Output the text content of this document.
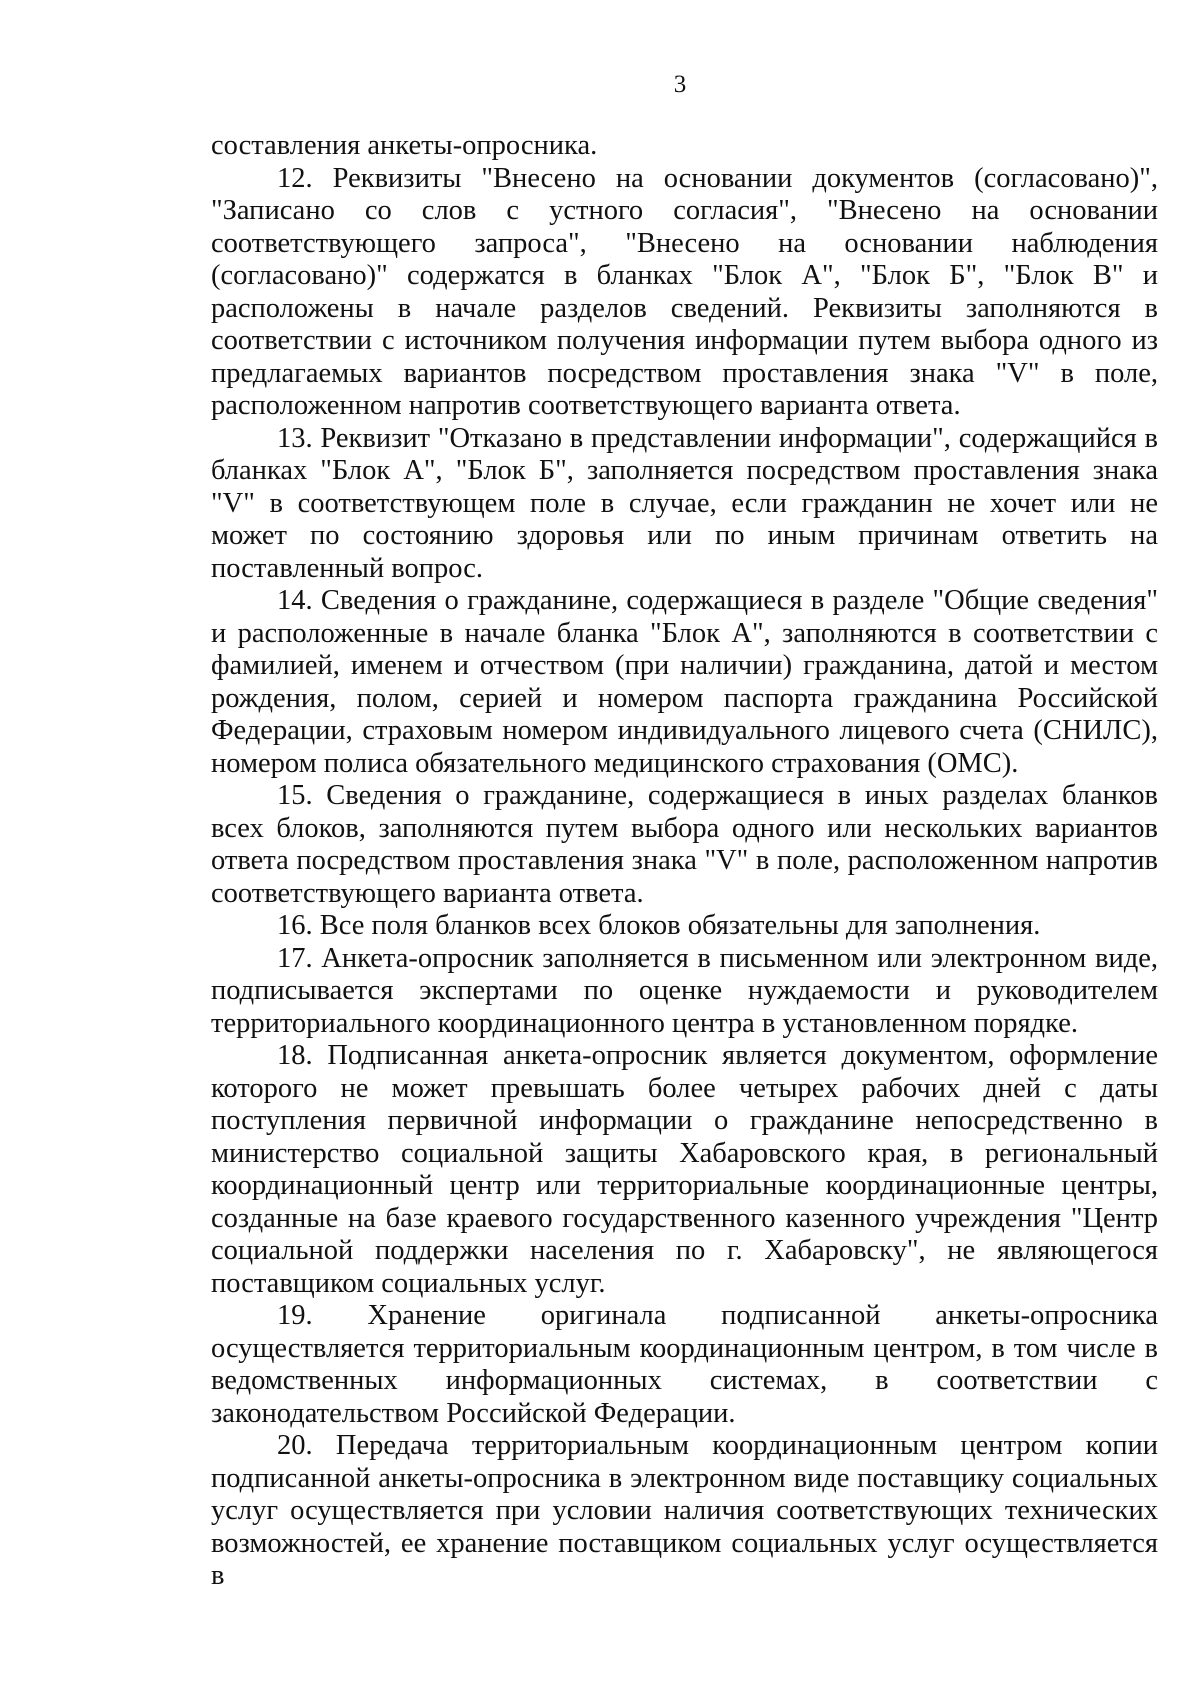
3

составления анкеты-опросника.

12. Реквизиты "Внесено на основании документов (согласовано)", "Записано со слов с устного согласия", "Внесено на основании соответствующего запроса", "Внесено на основании наблюдения (согласовано)" содержатся в бланках "Блок А", "Блок Б", "Блок В" и расположены в начале разделов сведений. Реквизиты заполняются в соответствии с источником получения информации путем выбора одного из предлагаемых вариантов посредством проставления знака "V" в поле, расположенном напротив соответствующего варианта ответа.

13. Реквизит "Отказано в представлении информации", содержащийся в бланках "Блок А", "Блок Б", заполняется посредством проставления знака "V" в соответствующем поле в случае, если гражданин не хочет или не может по состоянию здоровья или по иным причинам ответить на поставленный вопрос.

14. Сведения о гражданине, содержащиеся в разделе "Общие сведения" и расположенные в начале бланка "Блок А", заполняются в соответствии с фамилией, именем и отчеством (при наличии) гражданина, датой и местом рождения, полом, серией и номером паспорта гражданина Российской Федерации, страховым номером индивидуального лицевого счета (СНИЛС), номером полиса обязательного медицинского страхования (ОМС).

15. Сведения о гражданине, содержащиеся в иных разделах бланков всех блоков, заполняются путем выбора одного или нескольких вариантов ответа посредством проставления знака "V" в поле, расположенном напротив соответствующего варианта ответа.

16. Все поля бланков всех блоков обязательны для заполнения.

17. Анкета-опросник заполняется в письменном или электронном виде, подписывается экспертами по оценке нуждаемости и руководителем территориального координационного центра в установленном порядке.

18. Подписанная анкета-опросник является документом, оформление которого не может превышать более четырех рабочих дней с даты поступления первичной информации о гражданине непосредственно в министерство социальной защиты Хабаровского края, в региональный координационный центр или территориальные координационные центры, созданные на базе краевого государственного казенного учреждения "Центр социальной поддержки населения по г. Хабаровску", не являющегося поставщиком социальных услуг.

19. Хранение оригинала подписанной анкеты-опросника осуществляется территориальным координационным центром, в том числе в ведомственных информационных системах, в соответствии с законодательством Российской Федерации.

20. Передача территориальным координационным центром копии подписанной анкеты-опросника в электронном виде поставщику социальных услуг осуществляется при условии наличия соответствующих технических возможностей, ее хранение поставщиком социальных услуг осуществляется в
